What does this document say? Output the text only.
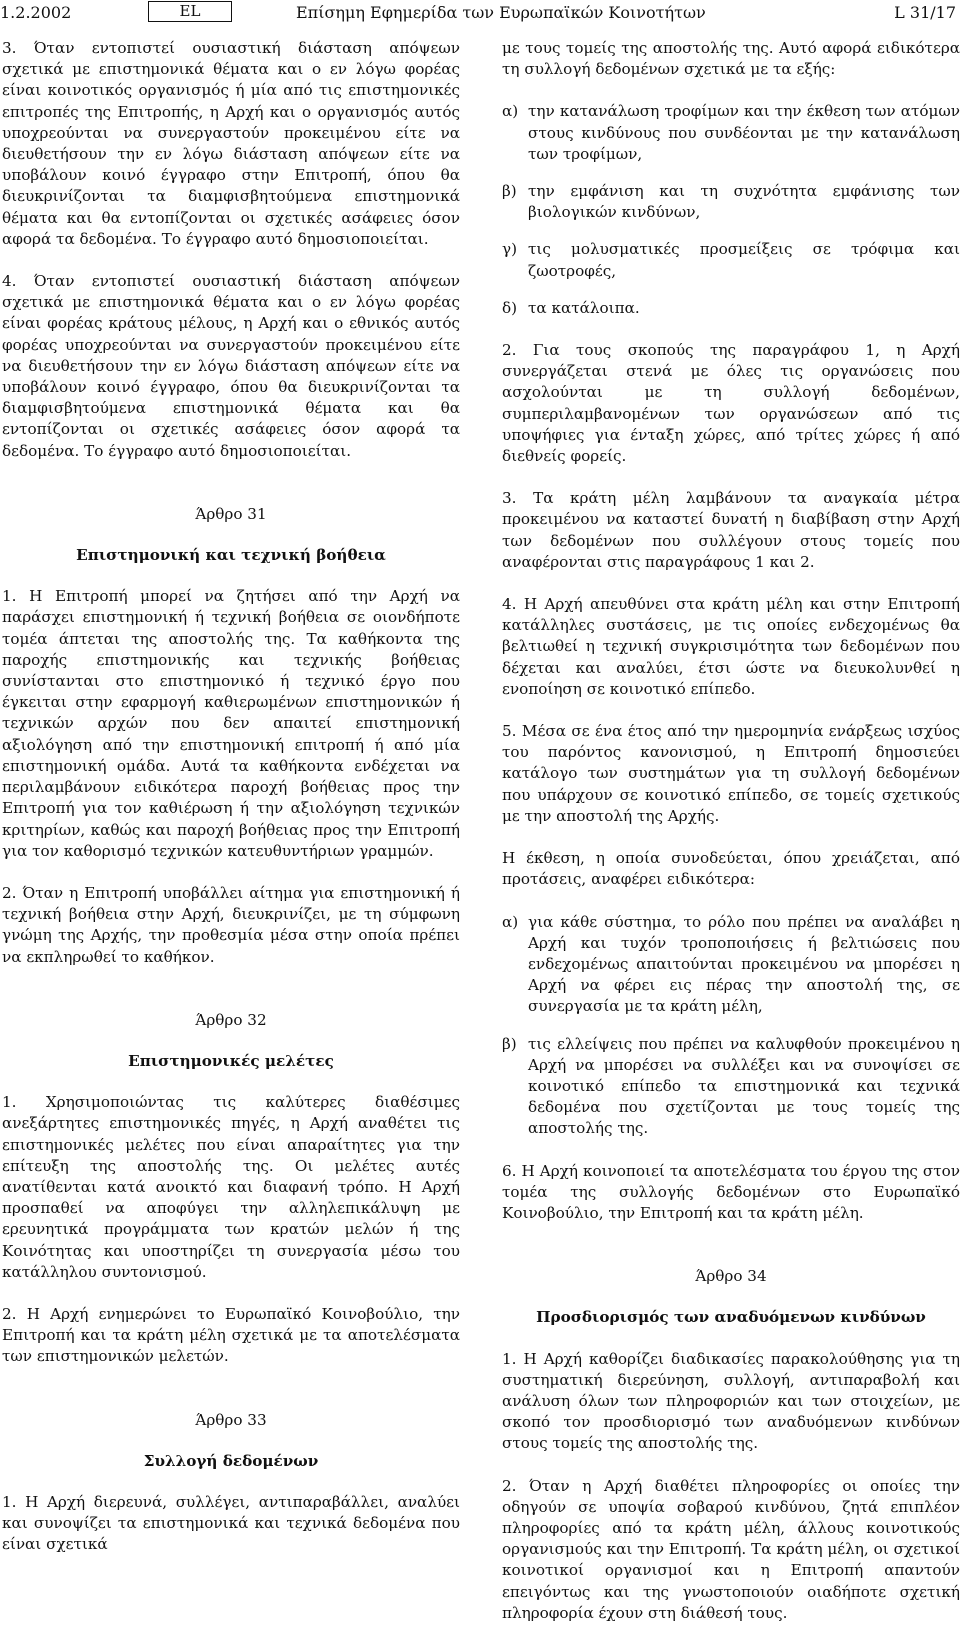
1.2.2002	EL	Επίσημη Εφημερίδα των Ευρωπαϊκών Κοινοτήτων	L 31/17

3. Όταν εντοπιστεί ουσιαστική διάσταση απόψεων σχετικά με επιστημονικά θέματα και ο εν λόγω φορέας είναι κοινοτικός οργανισμός ή μία από τις επιστημονικές επιτροπές της Επιτροπής, η Αρχή και ο οργανισμός αυτός υποχρεούνται να συνεργαστούν προκειμένου είτε να διευθετήσουν την εν λόγω διάσταση απόψεων είτε να υποβάλουν κοινό έγγραφο στην Επιτροπή, όπου θα διευκρινίζονται τα διαμφισβητούμενα επιστημονικά θέματα και θα εντοπίζονται οι σχετικές ασάφειες όσον αφορά τα δεδομένα. Το έγγραφο αυτό δημοσιοποιείται.

4. Όταν εντοπιστεί ουσιαστική διάσταση απόψεων σχετικά με επιστημονικά θέματα και ο εν λόγω φορέας είναι φορέας κράτους μέλους, η Αρχή και ο εθνικός αυτός φορέας υποχρεούνται να συνεργαστούν προκειμένου είτε να διευθετήσουν την εν λόγω διάσταση απόψεων είτε να υποβάλουν κοινό έγγραφο, όπου θα διευκρινίζονται τα διαμφισβητούμενα επιστημονικά θέματα και θα εντοπίζονται οι σχετικές ασάφειες όσον αφορά τα δεδομένα. Το έγγραφο αυτό δημοσιοποιείται.

Άρθρο 31
Επιστημονική και τεχνική βοήθεια

1. Η Επιτροπή μπορεί να ζητήσει από την Αρχή να παράσχει επιστημονική ή τεχνική βοήθεια σε οιονδήποτε τομέα άπτεται της αποστολής της. Τα καθήκοντα της παροχής επιστημονικής και τεχνικής βοήθειας συνίστανται στο επιστημονικό ή τεχνικό έργο που έγκειται στην εφαρμογή καθιερωμένων επιστημονικών ή τεχνικών αρχών που δεν απαιτεί επιστημονική αξιολόγηση από την επιστημονική επιτροπή ή από μία επιστημονική ομάδα. Αυτά τα καθήκοντα ενδέχεται να περιλαμβάνουν ειδικότερα παροχή βοήθειας προς την Επιτροπή για τον καθιέρωση ή την αξιολόγηση τεχνικών κριτηρίων, καθώς και παροχή βοήθειας προς την Επιτροπή για τον καθορισμό τεχνικών κατευθυντήριων γραμμών.

2. Όταν η Επιτροπή υποβάλλει αίτημα για επιστημονική ή τεχνική βοήθεια στην Αρχή, διευκρινίζει, με τη σύμφωνη γνώμη της Αρχής, την προθεσμία μέσα στην οποία πρέπει να εκπληρωθεί το καθήκον.

Άρθρο 32
Επιστημονικές μελέτες

1. Χρησιμοποιώντας τις καλύτερες διαθέσιμες ανεξάρτητες επιστημονικές πηγές, η Αρχή αναθέτει τις επιστημονικές μελέτες που είναι απαραίτητες για την επίτευξη της αποστολής της. Οι μελέτες αυτές ανατίθενται κατά ανοικτό και διαφανή τρόπο. Η Αρχή προσπαθεί να αποφύγει την αλληλεπικάλυψη με ερευνητικά προγράμματα των κρατών μελών ή της Κοινότητας και υποστηρίζει τη συνεργασία μέσω του κατάλληλου συντονισμού.

2. Η Αρχή ενημερώνει το Ευρωπαϊκό Κοινοβούλιο, την Επιτροπή και τα κράτη μέλη σχετικά με τα αποτελέσματα των επιστημονικών μελετών.

Άρθρο 33
Συλλογή δεδομένων

1. Η Αρχή διερευνά, συλλέγει, αντιπαραβάλλει, αναλύει και συνοψίζει τα επιστημονικά και τεχνικά δεδομένα που είναι σχετικά

με τους τομείς της αποστολής της. Αυτό αφορά ειδικότερα τη συλλογή δεδομένων σχετικά με τα εξής:

α) την κατανάλωση τροφίμων και την έκθεση των ατόμων στους κινδύνους που συνδέονται με την κατανάλωση των τροφίμων,
β) την εμφάνιση και τη συχνότητα εμφάνισης των βιολογικών κινδύνων,
γ) τις μολυσματικές προσμείξεις σε τρόφιμα και ζωοτροφές,
δ) τα κατάλοιπα.

2. Για τους σκοπούς της παραγράφου 1, η Αρχή συνεργάζεται στενά με όλες τις οργανώσεις που ασχολούνται με τη συλλογή δεδομένων, συμπεριλαμβανομένων των οργανώσεων από τις υποψήφιες για ένταξη χώρες, από τρίτες χώρες ή από διεθνείς φορείς.

3. Τα κράτη μέλη λαμβάνουν τα αναγκαία μέτρα προκειμένου να καταστεί δυνατή η διαβίβαση στην Αρχή των δεδομένων που συλλέγουν στους τομείς που αναφέρονται στις παραγράφους 1 και 2.

4. Η Αρχή απευθύνει στα κράτη μέλη και στην Επιτροπή κατάλληλες συστάσεις, με τις οποίες ενδεχομένως θα βελτιωθεί η τεχνική συγκρισιμότητα των δεδομένων που δέχεται και αναλύει, έτσι ώστε να διευκολυνθεί η ενοποίηση σε κοινοτικό επίπεδο.

5. Μέσα σε ένα έτος από την ημερομηνία ενάρξεως ισχύος του παρόντος κανονισμού, η Επιτροπή δημοσιεύει κατάλογο των συστημάτων για τη συλλογή δεδομένων που υπάρχουν σε κοινοτικό επίπεδο, σε τομείς σχετικούς με την αποστολή της Αρχής.

Η έκθεση, η οποία συνοδεύεται, όπου χρειάζεται, από προτάσεις, αναφέρει ειδικότερα:

α) για κάθε σύστημα, το ρόλο που πρέπει να αναλάβει η Αρχή και τυχόν τροποποιήσεις ή βελτιώσεις που ενδεχομένως απαιτούνται προκειμένου να μπορέσει η Αρχή να φέρει εις πέρας την αποστολή της, σε συνεργασία με τα κράτη μέλη,
β) τις ελλείψεις που πρέπει να καλυφθούν προκειμένου η Αρχή να μπορέσει να συλλέξει και να συνοψίσει σε κοινοτικό επίπεδο τα επιστημονικά και τεχνικά δεδομένα που σχετίζονται με τους τομείς της αποστολής της.

6. Η Αρχή κοινοποιεί τα αποτελέσματα του έργου της στον τομέα της συλλογής δεδομένων στο Ευρωπαϊκό Κοινοβούλιο, την Επιτροπή και τα κράτη μέλη.

Άρθρο 34
Προσδιορισμός των αναδυόμενων κινδύνων

1. Η Αρχή καθορίζει διαδικασίες παρακολούθησης για τη συστηματική διερεύνηση, συλλογή, αντιπαραβολή και ανάλυση όλων των πληροφοριών και των στοιχείων, με σκοπό τον προσδιορισμό των αναδυόμενων κινδύνων στους τομείς της αποστολής της.

2. Όταν η Αρχή διαθέτει πληροφορίες οι οποίες την οδηγούν σε υποψία σοβαρού κινδύνου, ζητά επιπλέον πληροφορίες από τα κράτη μέλη, άλλους κοινοτικούς οργανισμούς και την Επιτροπή. Τα κράτη μέλη, οι σχετικοί κοινοτικοί οργανισμοί και η Επιτροπή απαντούν επειγόντως και της γνωστοποιούν οιαδήποτε σχετική πληροφορία έχουν στη διάθεσή τους.
